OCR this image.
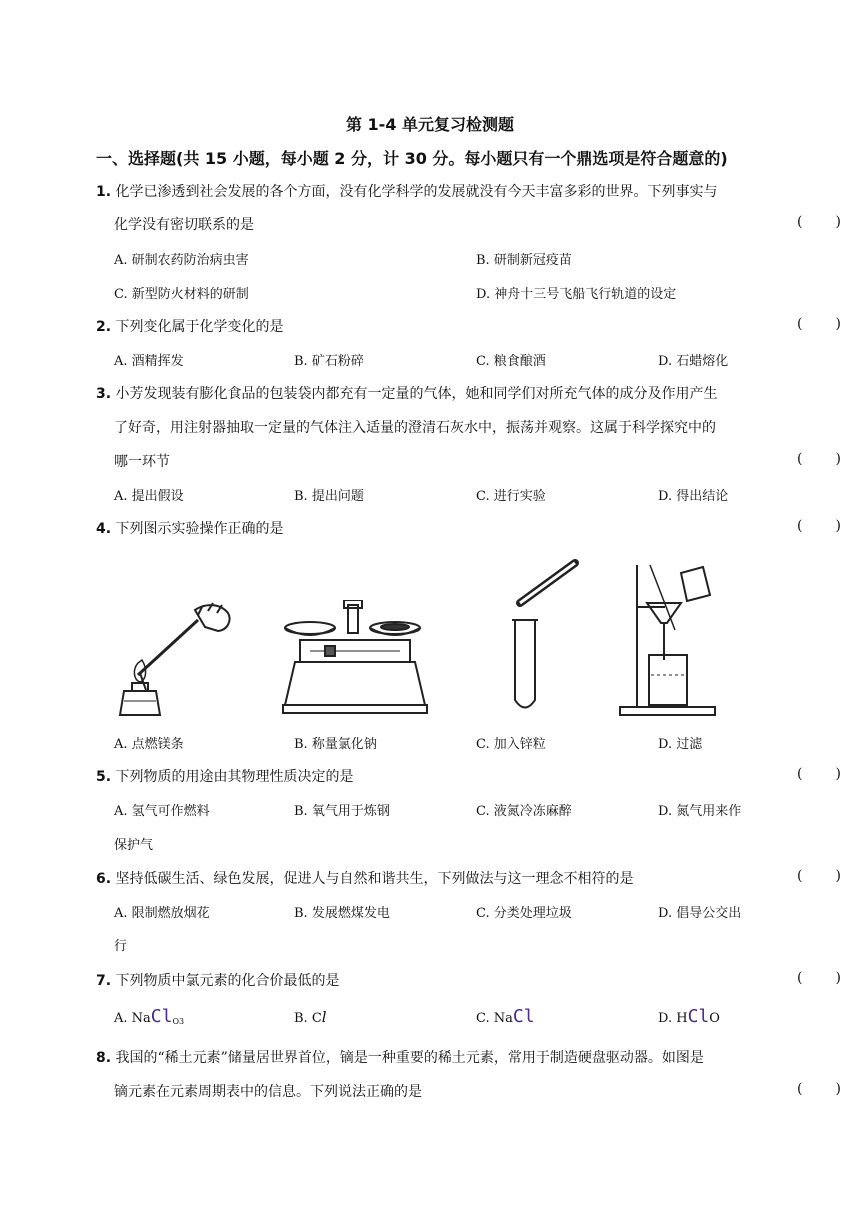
第 1-4 单元复习检测题
一、选择题(共 15 小题，每小题 2 分，计 30 分。每小题只有一个鼎选项是符合题意的)
1. 化学已渗透到社会发展的各个方面，没有化学科学的发展就没有今天丰富多彩的世界。下列事实与
化学没有密切联系的是	( )
A. 研制农药防治病虫害	B. 研制新冠疫苗
C. 新型防火材料的研制	D. 神舟十三号飞船飞行轨道的设定
2. 下列变化属于化学变化的是	( )
A. 酒精挥发	B. 矿石粉碎	C. 粮食酿酒	D. 石蜡熔化
3. 小芳发现装有膨化食品的包装袋内都充有一定量的气体，她和同学们对所充气体的成分及作用产生
了好奇，用注射器抽取一定量的气体注入适量的澄清石灰水中，振荡并观察。这属于科学探究中的
哪一环节	( )
A. 提出假设	B. 提出问题	C. 进行实验	D. 得出结论
4. 下列图示实验操作正确的是	( )
A. 点燃镁条	B. 称量氯化钠	C. 加入锌粒	D. 过滤
5. 下列物质的用途由其物理性质决定的是	( )
A. 氢气可作燃料	B. 氧气用于炼钢	C. 液氮冷冻麻醉	D. 氮气用来作
保护气
6. 坚持低碳生活、绿色发展，促进人与自然和谐共生，下列做法与这一理念不相符的是	( )
A. 限制燃放烟花	B. 发展燃煤发电	C. 分类处理垃圾	D. 倡导公交出
行
7. 下列物质中氯元素的化合价最低的是	( )
A. NaCl$_{O3}$	B. Cl	C. NaCl	D. HClO
8. 我国的“稀土元素”储量居世界首位，镝是一种重要的稀土元素，常用于制造硬盘驱动器。如图是
镝元素在元素周期表中的信息。下列说法正确的是	( )
